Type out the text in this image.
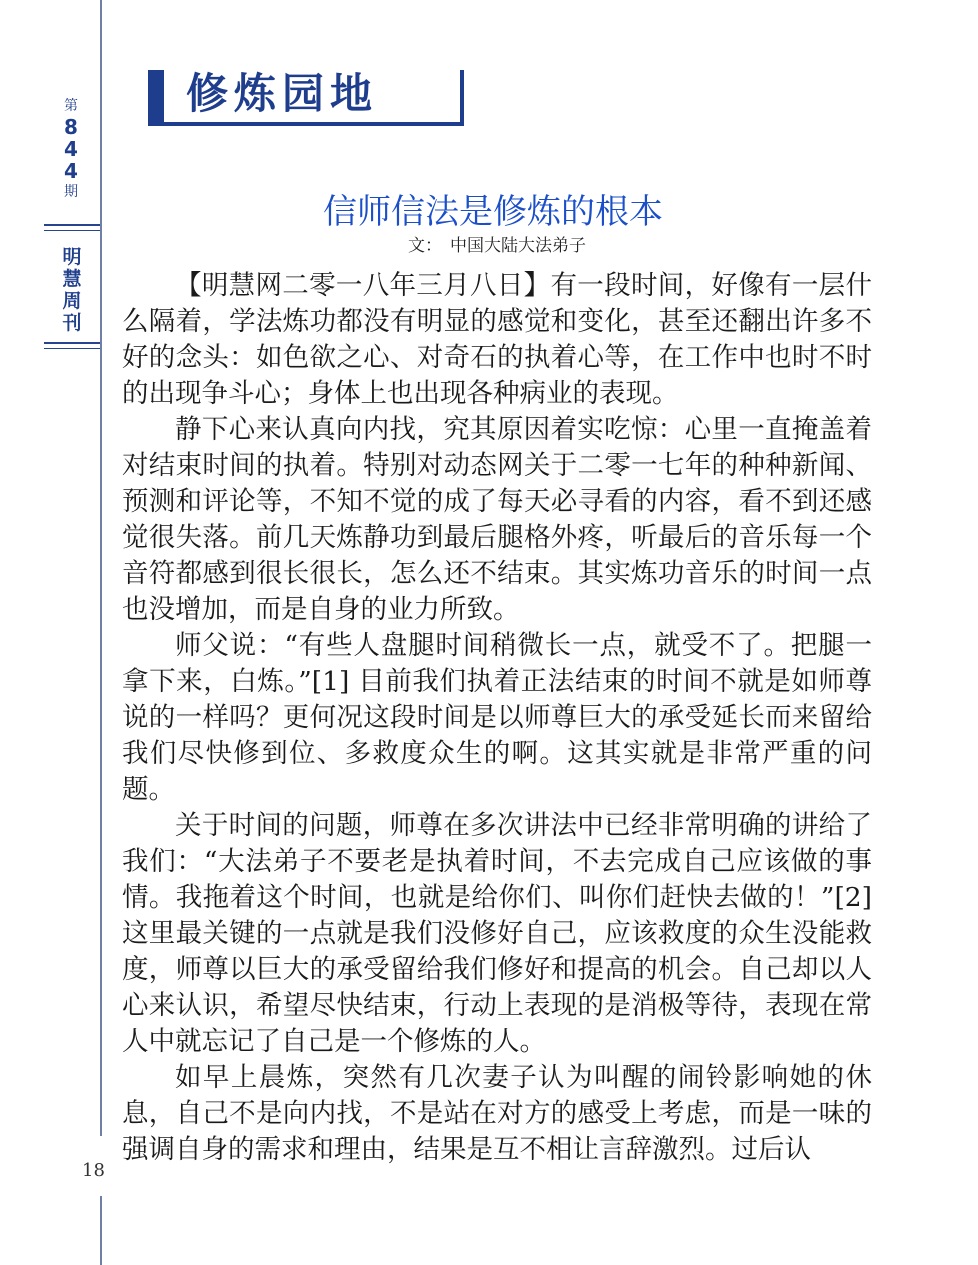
第
8
4
4
期
明
慧
周
刊
18
修炼园地
信师信法是修炼的根本
文： 中国大陆大法弟子

【明慧网二零一八年三月八日】有一段时间，好像有一层什么隔着，学法炼功都没有明显的感觉和变化，甚至还翻出许多不好的念头：如色欲之心、对奇石的执着心等，在工作中也时不时的出现争斗心；身体上也出现各种病业的表现。

静下心来认真向内找，究其原因着实吃惊：心里一直掩盖着对结束时间的执着。特别对动态网关于二零一七年的种种新闻、预测和评论等，不知不觉的成了每天必寻看的内容，看不到还感觉很失落。前几天炼静功到最后腿格外疼，听最后的音乐每一个音符都感到很长很长，怎么还不结束。其实炼功音乐的时间一点也没增加，而是自身的业力所致。

师父说：“有些人盘腿时间稍微长一点，就受不了。把腿一拿下来，白炼。”[1] 目前我们执着正法结束的时间不就是如师尊说的一样吗？更何况这段时间是以师尊巨大的承受延长而来留给我们尽快修到位、多救度众生的啊。这其实就是非常严重的问题。

关于时间的问题，师尊在多次讲法中已经非常明确的讲给了我们：“大法弟子不要老是执着时间，不去完成自己应该做的事情。我拖着这个时间，也就是给你们、叫你们赶快去做的！”[2] 这里最关键的一点就是我们没修好自己，应该救度的众生没能救度，师尊以巨大的承受留给我们修好和提高的机会。自己却以人心来认识，希望尽快结束，行动上表现的是消极等待，表现在常人中就忘记了自己是一个修炼的人。

如早上晨炼，突然有几次妻子认为叫醒的闹铃影响她的休息，自己不是向内找，不是站在对方的感受上考虑，而是一味的强调自身的需求和理由，结果是互不相让言辞激烈。过后认
